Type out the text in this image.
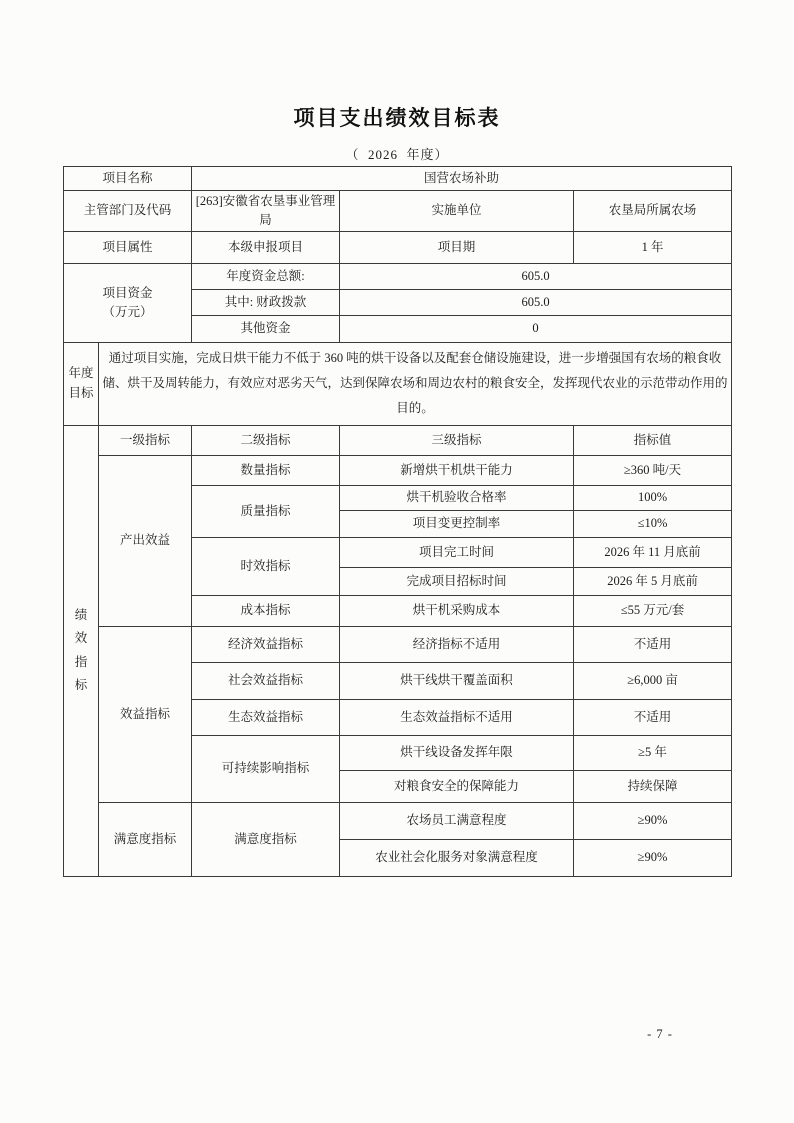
项目支出绩效目标表
（  2026  年度）
项目名称		国营农场补助		
主管部门及代码		[263]安徽省农垦事业管理局	实施单位	农垦局所属农场
项目属性		本级申报项目	项目期	1 年

项目资金
（万元）		年度资金总额:	605.0	
		其中: 财政拨款	605.0	
		其他资金	0	
年度目标	通过项目实施，完成日烘干能力不低于 360 吨的烘干设备以及配套仓储设施建设，进一步增强国有农场的粮食收储、烘干及周转能力，有效应对恶劣天气，达到保障农场和周边农村的粮食安全，发挥现代农业的示范带动作用的目的。			

绩效指标	一级指标	二级指标	三级指标	指标值
	产出效益	数量指标	新增烘干机烘干能力	≥360 吨/天
		质量指标	烘干机验收合格率	100%
			项目变更控制率	≤10%
		时效指标	项目完工时间	2026 年 11 月底前
			完成项目招标时间	2026 年 5 月底前
		成本指标	烘干机采购成本	≤55 万元/套
	效益指标	经济效益指标	经济指标不适用	不适用
		社会效益指标	烘干线烘干覆盖面积	≥6,000 亩
		生态效益指标	生态效益指标不适用	不适用
		可持续影响指标	烘干线设备发挥年限	≥5 年
			对粮食安全的保障能力	持续保障
	满意度指标	满意度指标	农场员工满意程度	≥90%
			农业社会化服务对象满意程度	≥90%
- 7 -
